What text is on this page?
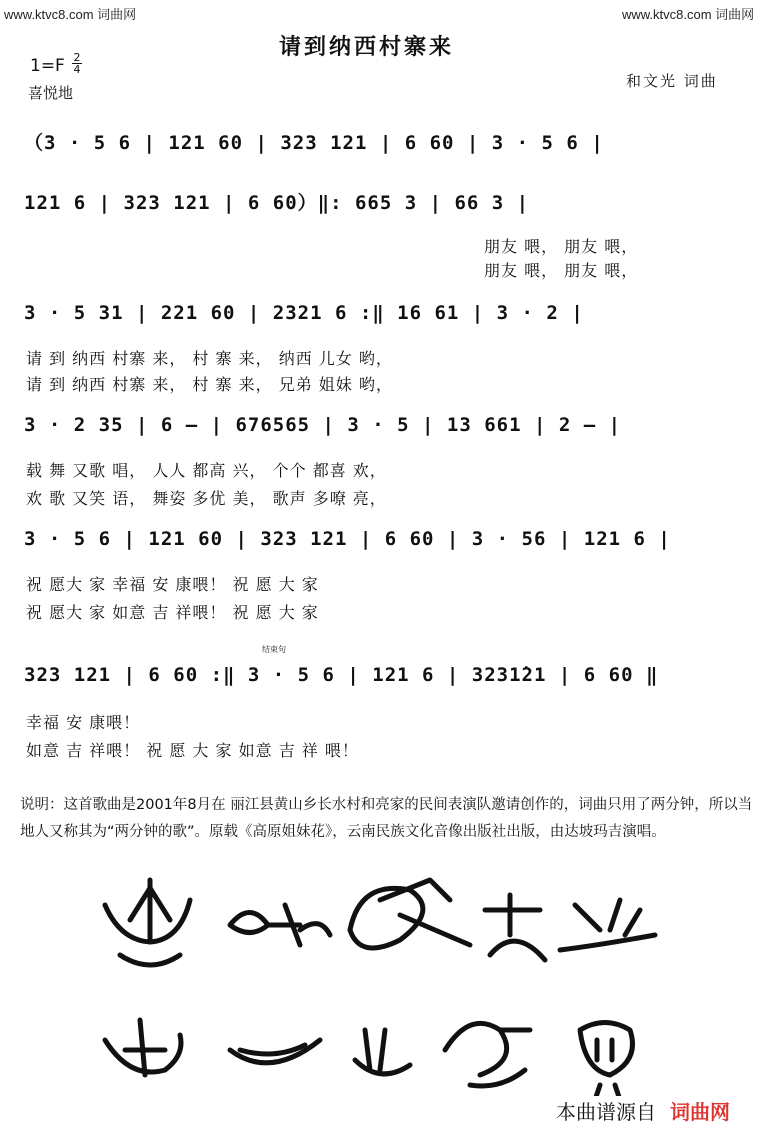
www.ktvc8.com 词曲网	www.ktvc8.com 词曲网
请到纳西村寨来
1=F 2
4
喜悦地
和文光 词曲
（3 · 5 6 | 121 60 | 323 121 | 6 60 | 3 · 5 6 |
121 6 | 323 121 | 6 60）‖: 665 3 | 66 3 |
朋友 喂， 朋友 喂，
朋友 喂， 朋友 喂，
3 · 5 31 | 221 60 | 2321 6 :‖ 16 61 | 3 · 2 |
请 到 纳西 村寨 来， 村 寨 来， 纳西 儿女 哟，
请 到 纳西 村寨 来， 村 寨 来， 兄弟 姐妹 哟，
3 · 2 35 | 6 — | 676565 | 3 · 5 | 13 661 | 2 — |
载 舞 又歌 唱， 人人 都高 兴， 个个 都喜 欢，
欢 歌 又笑 语， 舞姿 多优 美， 歌声 多嘹 亮，
3 · 5 6 | 121 60 | 323 121 | 6 60 | 3 · 56 | 121 6 |
祝 愿大 家 幸福 安 康喂！ 祝 愿 大 家
祝 愿大 家 如意 吉 祥喂！ 祝 愿 大 家
结束句
323 121 | 6 60 :‖ 3 · 5 6 | 121 6 | 3231̇21 | 6 60 ‖
幸福 安 康喂！
如意 吉 祥喂！ 祝 愿 大 家 如意 吉 祥 喂！
说明：这首歌曲是2001年8月在 丽江县黄山乡长水村和亮家的民间表演队邀请创作的，词曲只用了两分钟，所以当地人又称其为“两分钟的歌”。原载《高原姐妹花》，云南民族文化音像出版社出版，由达坡玛吉演唱。
本曲谱源自 词曲网
